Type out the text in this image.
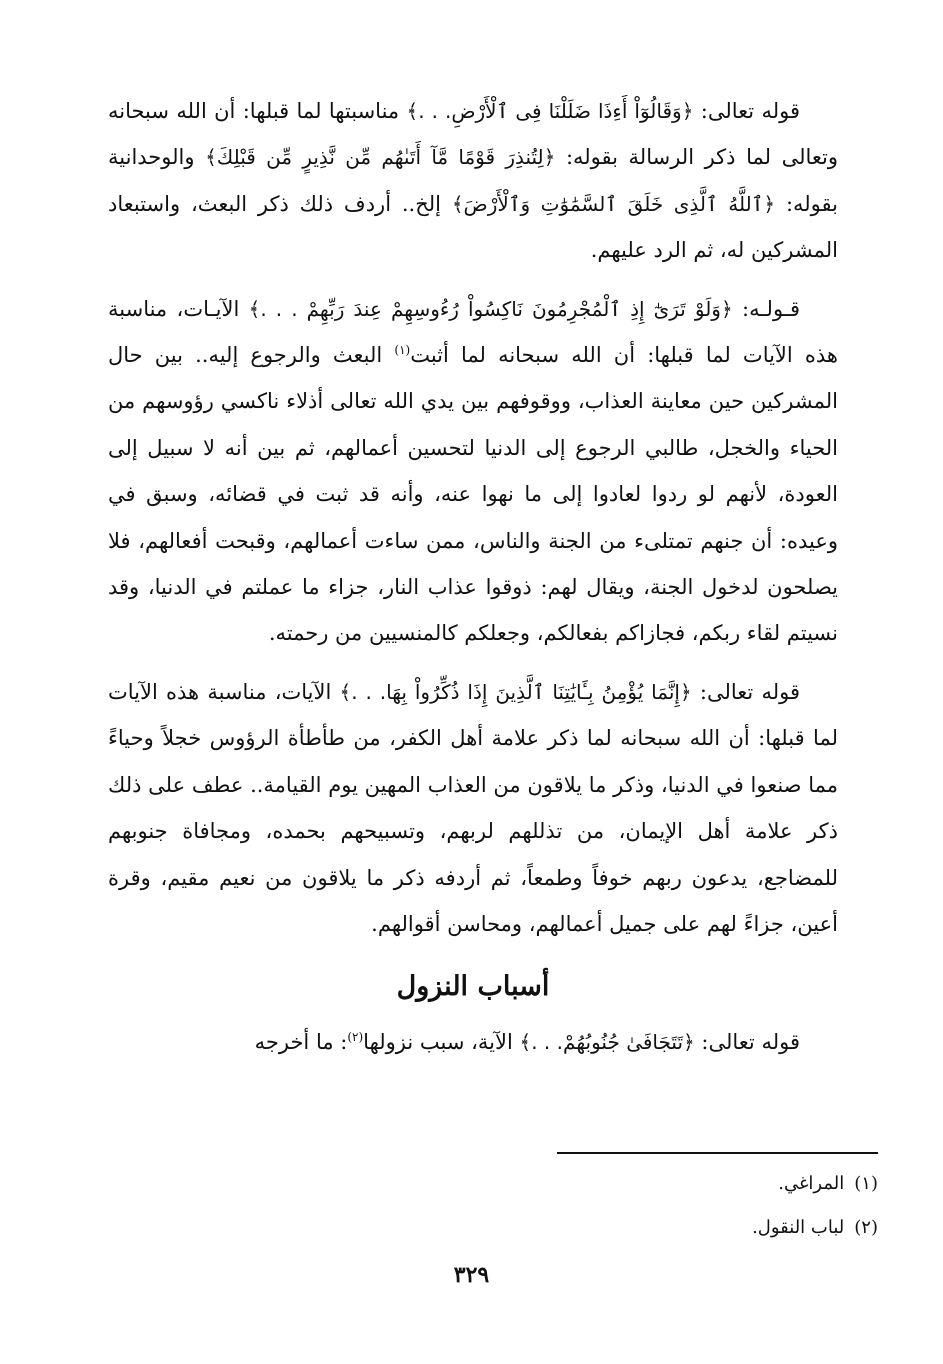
قوله تعالى: ﴿وَقَالُوٓاْ أَءِذَا ضَلَلْنَا فِى ٱلْأَرْضِ. . .﴾ مناسبتها لما قبلها: أن الله سبحانه وتعالى لما ذكر الرسالة بقوله: ﴿لِتُنذِرَ قَوْمًا مَّآ أَتَىٰهُم مِّن نَّذِيرٍ مِّن قَبْلِكَ﴾ والوحدانية بقوله: ﴿ٱللَّهُ ٱلَّذِى خَلَقَ ٱلسَّمَٰوَٰتِ وَٱلْأَرْضَ﴾ إلخ.. أردف ذلك ذكر البعث، واستبعاد المشركين له، ثم الرد عليهم.

قـولـه: ﴿وَلَوْ تَرَىٰٓ إِذِ ٱلْمُجْرِمُونَ نَاكِسُواْ رُءُوسِهِمْ عِندَ رَبِّهِمْ . . .﴾ الآيـات، مناسبة هذه الآيات لما قبلها: أن الله سبحانه لما أثبت$^{(١)}$ البعث والرجوع إليه.. بين حال المشركين حين معاينة العذاب، ووقوفهم بين يدي الله تعالى أذلاء ناكسي رؤوسهم من الحياء والخجل، طالبي الرجوع إلى الدنيا لتحسين أعمالهم، ثم بين أنه لا سبيل إلى العودة، لأنهم لو ردوا لعادوا إلى ما نهوا عنه، وأنه قد ثبت في قضائه، وسبق في وعيده: أن جنهم تمتلىء من الجنة والناس، ممن ساءت أعمالهم، وقبحت أفعالهم، فلا يصلحون لدخول الجنة، ويقال لهم: ذوقوا عذاب النار، جزاء ما عملتم في الدنيا، وقد نسيتم لقاء ربكم، فجازاكم بفعالكم، وجعلكم كالمنسيين من رحمته.

قوله تعالى: ﴿إِنَّمَا يُؤْمِنُ بِـَٔايَٰتِنَا ٱلَّذِينَ إِذَا ذُكِّرُواْ بِهَا. . .﴾ الآيات، مناسبة هذه الآيات لما قبلها: أن الله سبحانه لما ذكر علامة أهل الكفر، من طأطأة الرؤوس خجلاً وحياءً مما صنعوا في الدنيا، وذكر ما يلاقون من العذاب المهين يوم القيامة.. عطف على ذلك ذكر علامة أهل الإيمان، من تذللهم لربهم، وتسبيحهم بحمده، ومجافاة جنوبهم للمضاجع، يدعون ربهم خوفاً وطمعاً، ثم أردفه ذكر ما يلاقون من نعيم مقيم، وقرة أعين، جزاءً لهم على جميل أعمالهم، ومحاسن أقوالهم.

أسباب النزول

قوله تعالى: ﴿تَتَجَافَىٰ جُنُوبُهُمْ. . .﴾ الآية، سبب نزولها$^{(٢)}$: ما أخرجه

(١)المراغي.
(٢)لباب النقول.
٣٢٩
